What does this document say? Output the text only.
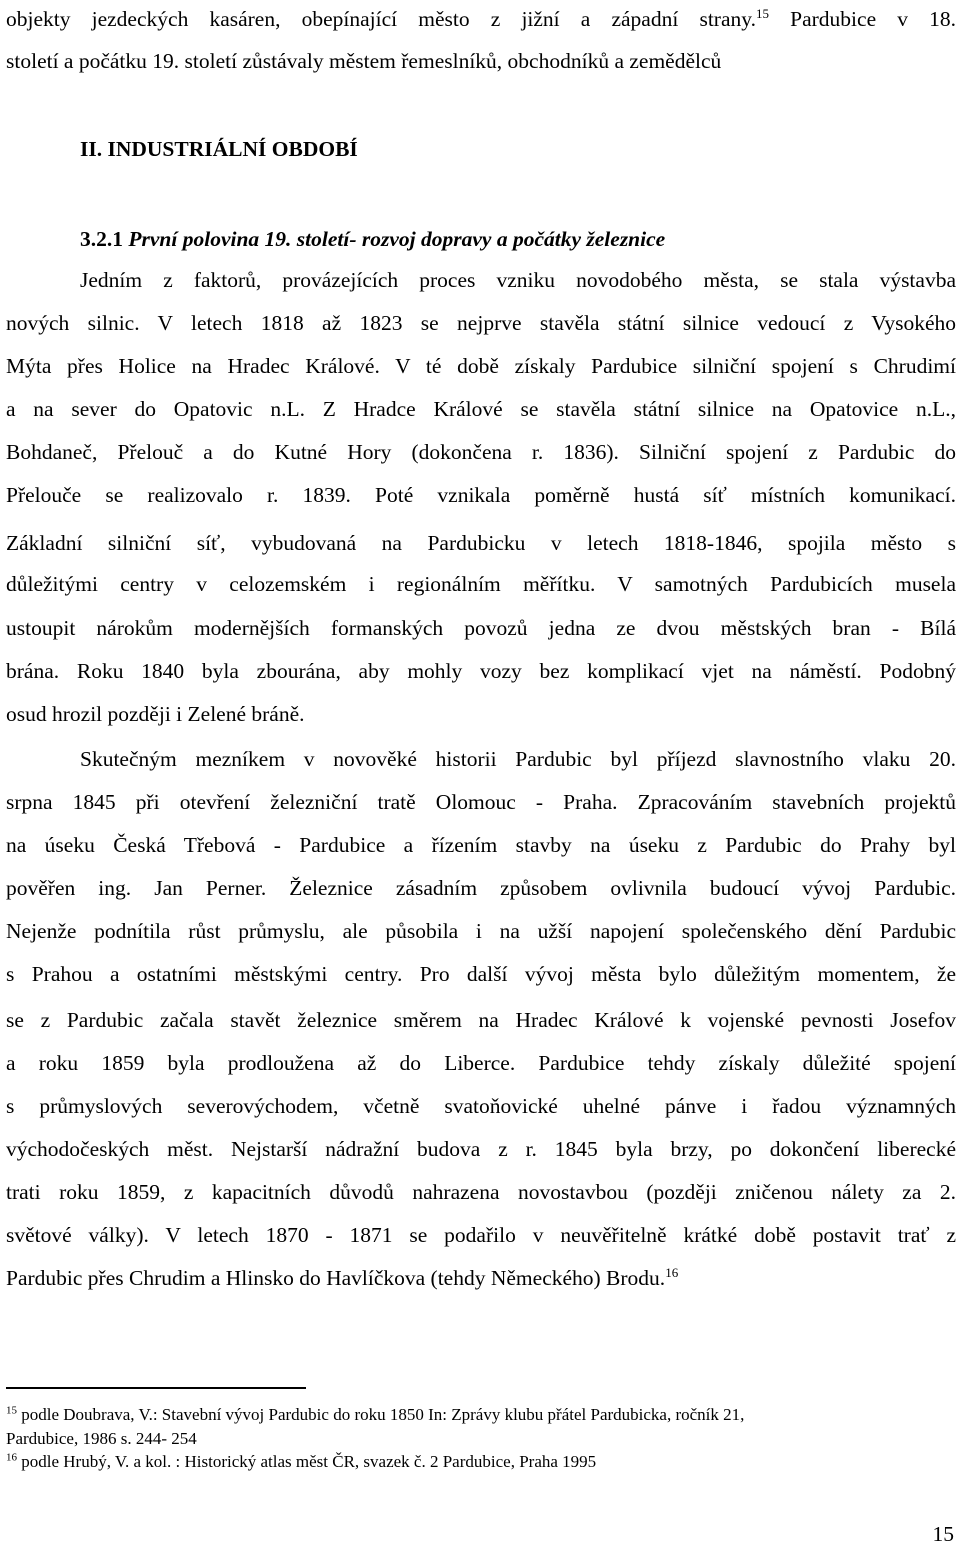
objekty jezdeckých kasáren, obepínající město z jižní a západní strany.$^{15}$ Pardubice v 18.
století a počátku 19. století zůstávaly městem řemeslníků, obchodníků a zemědělců
II. INDUSTRIÁLNÍ OBDOBÍ
3.2.1 První polovina 19. století- rozvoj dopravy a počátky železnice
Jedním z faktorů, provázejících proces vzniku novodobého města, se stala výstavba
nových silnic. V letech 1818 až 1823 se nejprve stavěla státní silnice vedoucí z Vysokého
Mýta přes Holice na Hradec Králové. V té době získaly Pardubice silniční spojení s Chrudimí
a na sever do Opatovic n.L. Z Hradce Králové se stavěla státní silnice na Opatovice n.L.,
Bohdaneč, Přelouč a do Kutné Hory (dokončena r. 1836). Silniční spojení z Pardubic do
Přelouče se realizovalo r. 1839. Poté vznikala poměrně hustá síť místních komunikací.
Základní silniční síť, vybudovaná na Pardubicku v letech 1818-1846, spojila město s
důležitými centry v celozemském i regionálním měřítku. V samotných Pardubicích musela
ustoupit nárokům modernějších formanských povozů jedna ze dvou městských bran - Bílá
brána. Roku 1840 byla zbourána, aby mohly vozy bez komplikací vjet na náměstí. Podobný
osud hrozil později i Zelené bráně.
Skutečným mezníkem v novověké historii Pardubic byl příjezd slavnostního vlaku 20.
srpna 1845 při otevření železniční tratě Olomouc - Praha. Zpracováním stavebních projektů
na úseku Česká Třebová - Pardubice a řízením stavby na úseku z Pardubic do Prahy byl
pověřen ing. Jan Perner. Železnice zásadním způsobem ovlivnila budoucí vývoj Pardubic.
Nejenže podnítila růst průmyslu, ale působila i na užší napojení společenského dění Pardubic
s Prahou a ostatními městskými centry. Pro další vývoj města bylo důležitým momentem, že
se z Pardubic začala stavět železnice směrem na Hradec Králové k vojenské pevnosti Josefov
a roku 1859 byla prodloužena až do Liberce. Pardubice tehdy získaly důležité spojení
s průmyslových severovýchodem, včetně svatoňovické uhelné pánve i řadou významných
východočeských měst. Nejstarší nádražní budova z r. 1845 byla brzy, po dokončení liberecké
trati roku 1859, z kapacitních důvodů nahrazena novostavbou (později zničenou nálety za 2.
světové války). V letech 1870 - 1871 se podařilo v neuvěřitelně krátké době postavit trať z
Pardubic přes Chrudim a Hlinsko do Havlíčkova (tehdy Německého) Brodu.$^{16}$
$^{15}$ podle Doubrava, V.: Stavební vývoj Pardubic do roku 1850 In: Zprávy klubu přátel Pardubicka, ročník 21,
Pardubice, 1986 s. 244- 254
$^{16}$ podle Hrubý, V. a kol. : Historický atlas měst ČR, svazek č. 2 Pardubice, Praha 1995
15
